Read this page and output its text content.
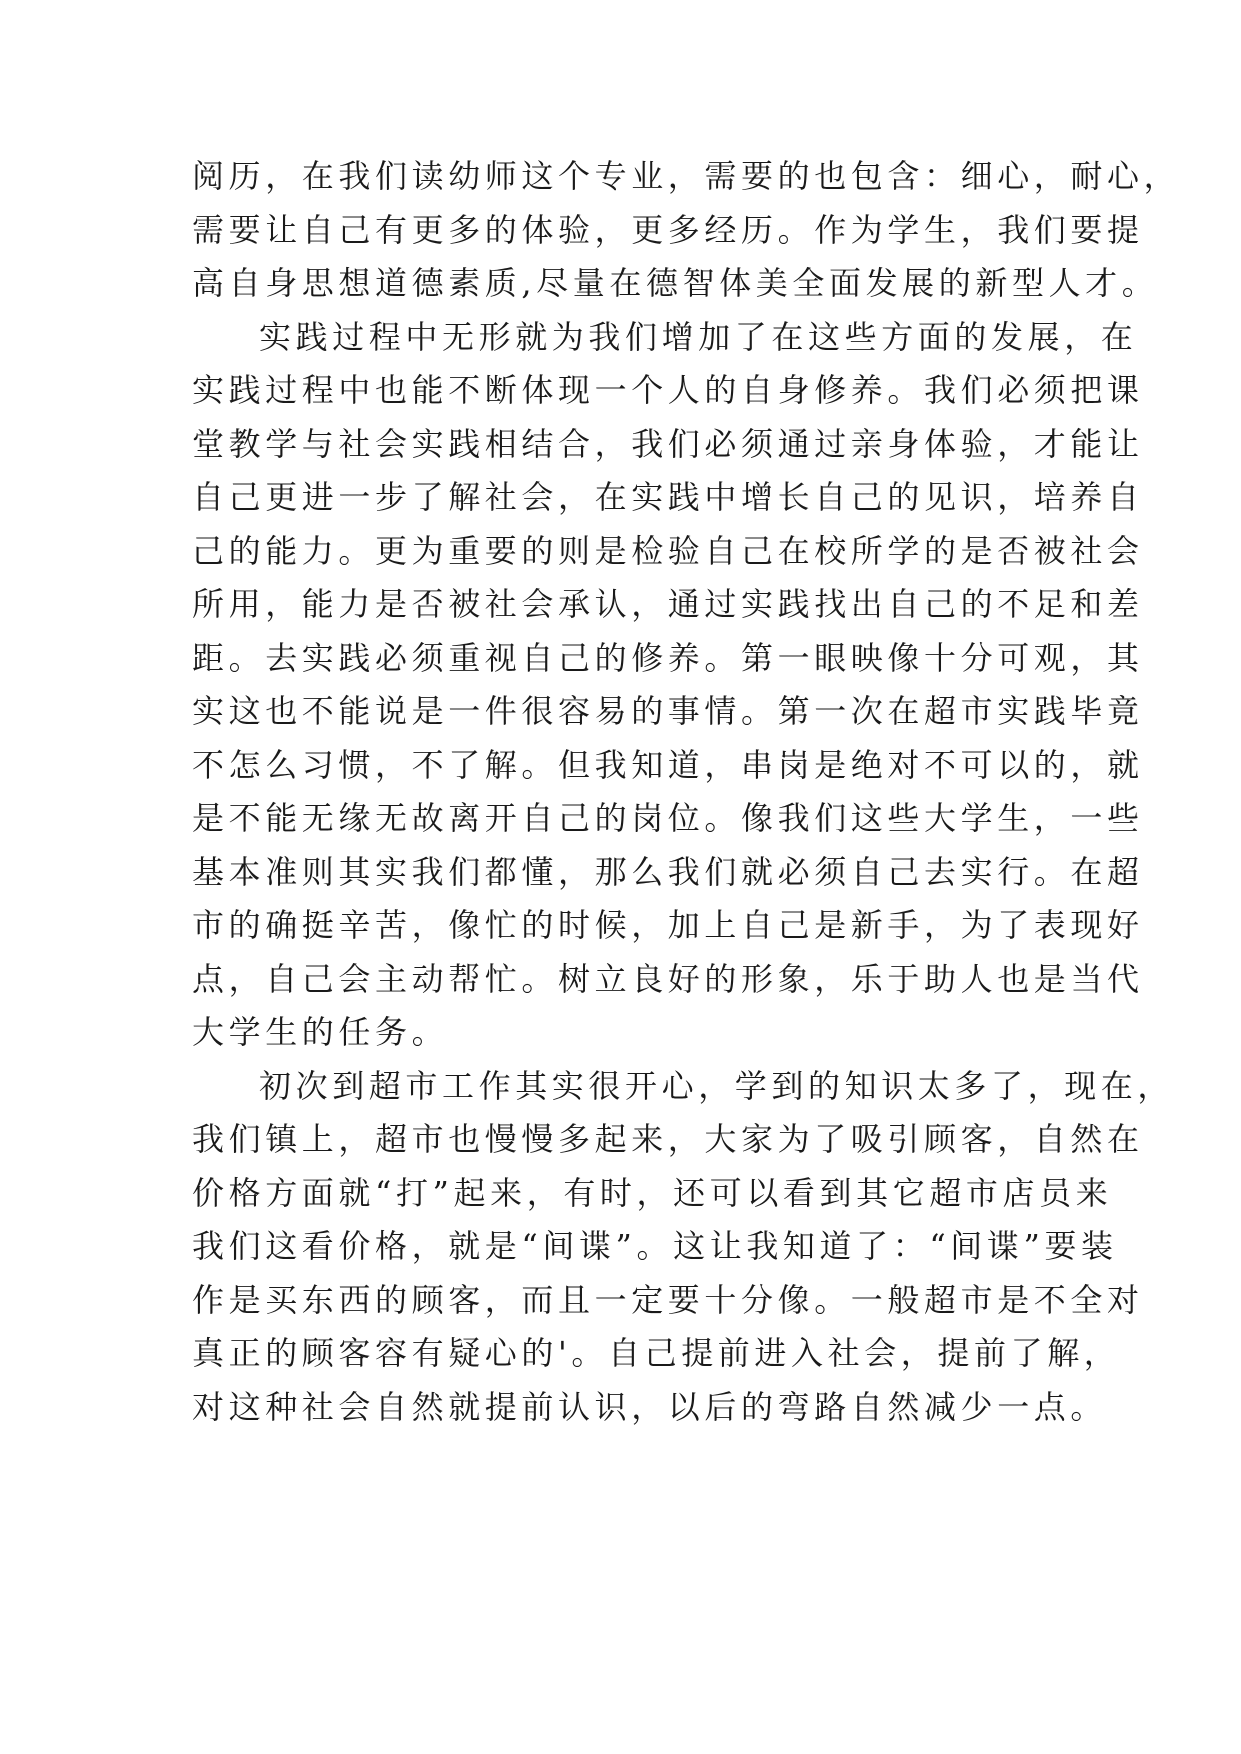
阅历，在我们读幼师这个专业，需要的也包含：细心，耐心，
需要让自己有更多的体验，更多经历。作为学生，我们要提
高自身思想道德素质,尽量在德智体美全面发展的新型人才。
实践过程中无形就为我们增加了在这些方面的发展，在
实践过程中也能不断体现一个人的自身修养。我们必须把课
堂教学与社会实践相结合，我们必须通过亲身体验，才能让
自己更进一步了解社会，在实践中增长自己的见识，培养自
己的能力。更为重要的则是检验自己在校所学的是否被社会
所用，能力是否被社会承认，通过实践找出自己的不足和差
距。去实践必须重视自己的修养。第一眼映像十分可观，其
实这也不能说是一件很容易的事情。第一次在超市实践毕竟
不怎么习惯，不了解。但我知道，串岗是绝对不可以的，就
是不能无缘无故离开自己的岗位。像我们这些大学生，一些
基本准则其实我们都懂，那么我们就必须自己去实行。在超
市的确挺辛苦，像忙的时候，加上自己是新手，为了表现好
点，自己会主动帮忙。树立良好的形象，乐于助人也是当代
大学生的任务。
初次到超市工作其实很开心，学到的知识太多了，现在，
我们镇上，超市也慢慢多起来，大家为了吸引顾客，自然在
价格方面就“打”起来，有时，还可以看到其它超市店员来
我们这看价格，就是“间谍”。这让我知道了：“间谍”要装
作是买东西的顾客，而且一定要十分像。一般超市是不全对
真正的顾客容有疑心的'。自己提前进入社会，提前了解，
对这种社会自然就提前认识，以后的弯路自然减少一点。
